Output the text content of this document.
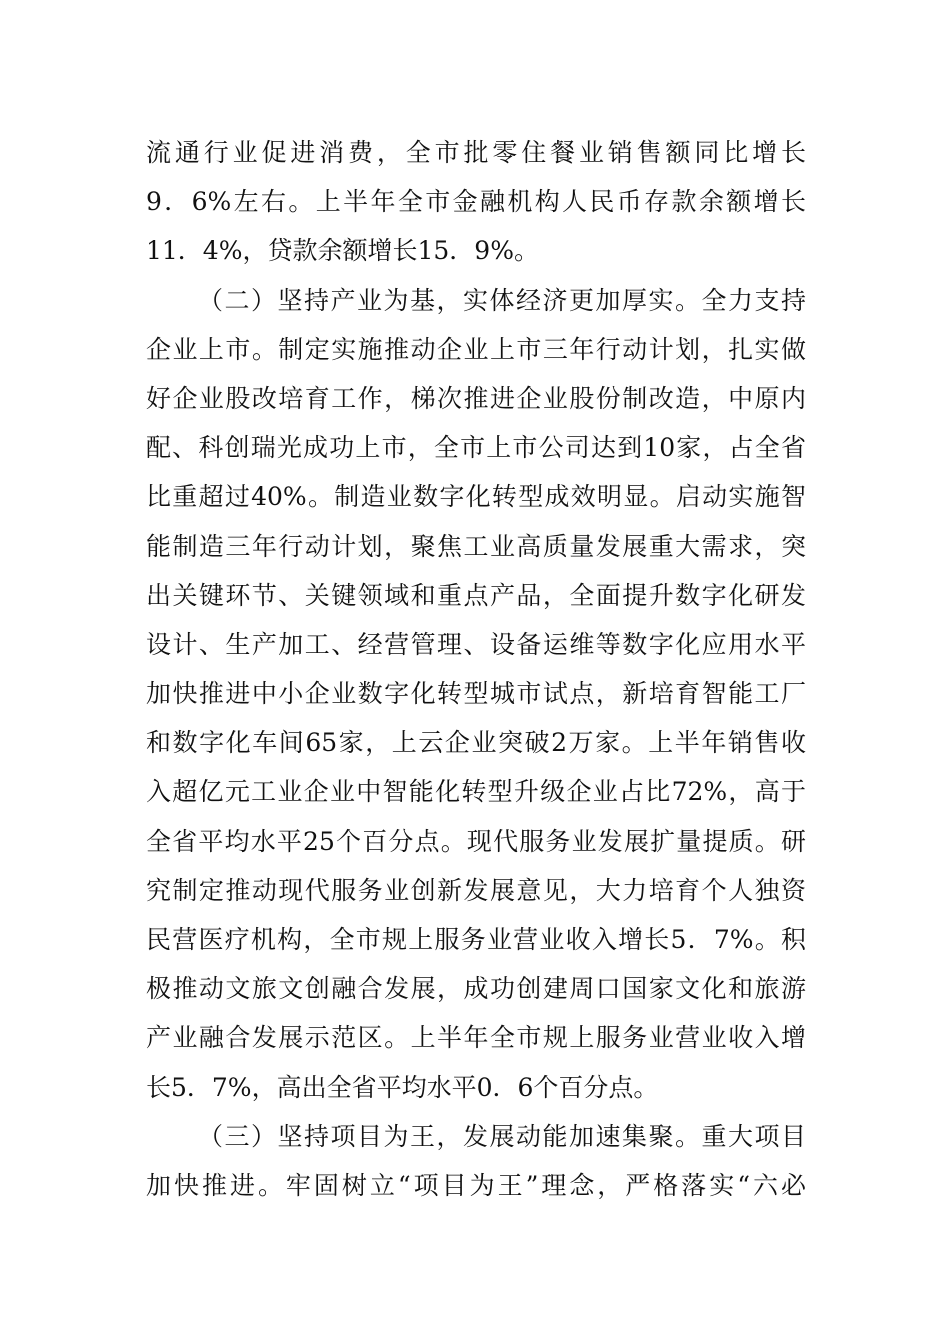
流通行业促进消费，全市批零住餐业销售额同比增长
9．6%左右。上半年全市金融机构人民币存款余额增长
11．4%，贷款余额增长15．9%。
（二）坚持产业为基，实体经济更加厚实。全力支持
企业上市。制定实施推动企业上市三年行动计划，扎实做
好企业股改培育工作，梯次推进企业股份制改造，中原内
配、科创瑞光成功上市，全市上市公司达到10家，占全省
比重超过40%。制造业数字化转型成效明显。启动实施智
能制造三年行动计划，聚焦工业高质量发展重大需求，突
出关键环节、关键领域和重点产品，全面提升数字化研发
设计、生产加工、经营管理、设备运维等数字化应用水平
加快推进中小企业数字化转型城市试点，新培育智能工厂
和数字化车间65家，上云企业突破2万家。上半年销售收
入超亿元工业企业中智能化转型升级企业占比72%，高于
全省平均水平25个百分点。现代服务业发展扩量提质。研
究制定推动现代服务业创新发展意见，大力培育个人独资
民营医疗机构，全市规上服务业营业收入增长5．7%。积
极推动文旅文创融合发展，成功创建周口国家文化和旅游
产业融合发展示范区。上半年全市规上服务业营业收入增
长5．7%，高出全省平均水平0．6个百分点。
（三）坚持项目为王，发展动能加速集聚。重大项目
加快推进。牢固树立“项目为王”理念，严格落实“六必
